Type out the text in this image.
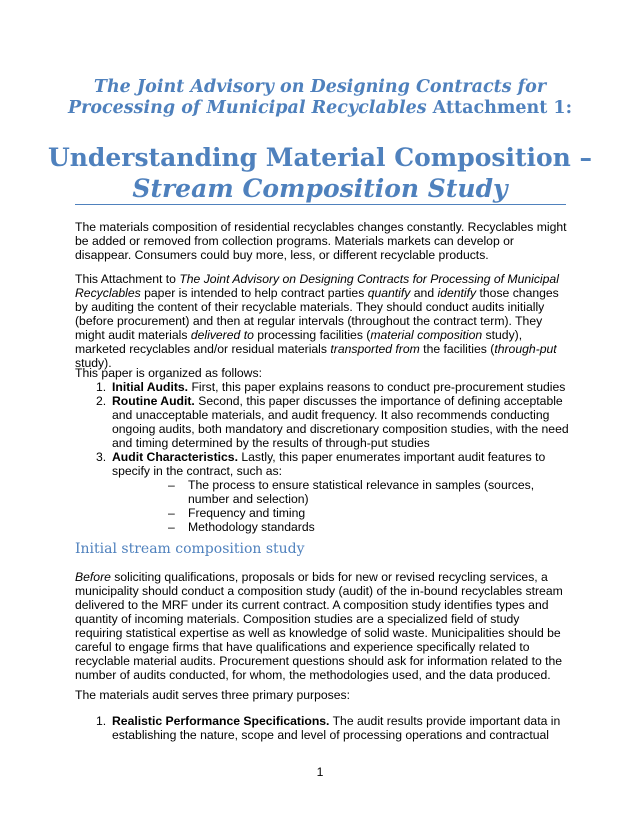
The Joint Advisory on Designing Contracts for
Processing of Municipal Recyclables Attachment 1:
Understanding Material Composition –
Stream Composition Study

The materials composition of residential recyclables changes constantly. Recyclables might be added or removed from collection programs. Materials markets can develop or disappear. Consumers could buy more, less, or different recyclable products.

This Attachment to The Joint Advisory on Designing Contracts for Processing of Municipal Recyclables paper is intended to help contract parties quantify and identify those changes by auditing the content of their recyclable materials. They should conduct audits initially (before procurement) and then at regular intervals (throughout the contract term). They might audit materials delivered to processing facilities (material composition study), marketed recyclables and/or residual materials transported from the facilities (through-put study).

This paper is organized as follows:

1. Initial Audits. First, this paper explains reasons to conduct pre-procurement studies
2. Routine Audit. Second, this paper discusses the importance of defining acceptable and unacceptable materials, and audit frequency. It also recommends conducting ongoing audits, both mandatory and discretionary composition studies, with the need and timing determined by the results of through-put studies
3. Audit Characteristics. Lastly, this paper enumerates important audit features to specify in the contract, such as:
– The process to ensure statistical relevance in samples (sources, number and selection)
– Frequency and timing
– Methodology standards
Initial stream composition study

Before soliciting qualifications, proposals or bids for new or revised recycling services, a municipality should conduct a composition study (audit) of the in-bound recyclables stream delivered to the MRF under its current contract. A composition study identifies types and quantity of incoming materials. Composition studies are a specialized field of study requiring statistical expertise as well as knowledge of solid waste. Municipalities should be careful to engage firms that have qualifications and experience specifically related to recyclable material audits. Procurement questions should ask for information related to the number of audits conducted, for whom, the methodologies used, and the data produced.

The materials audit serves three primary purposes:

1. Realistic Performance Specifications. The audit results provide important data in establishing the nature, scope and level of processing operations and contractual
1
